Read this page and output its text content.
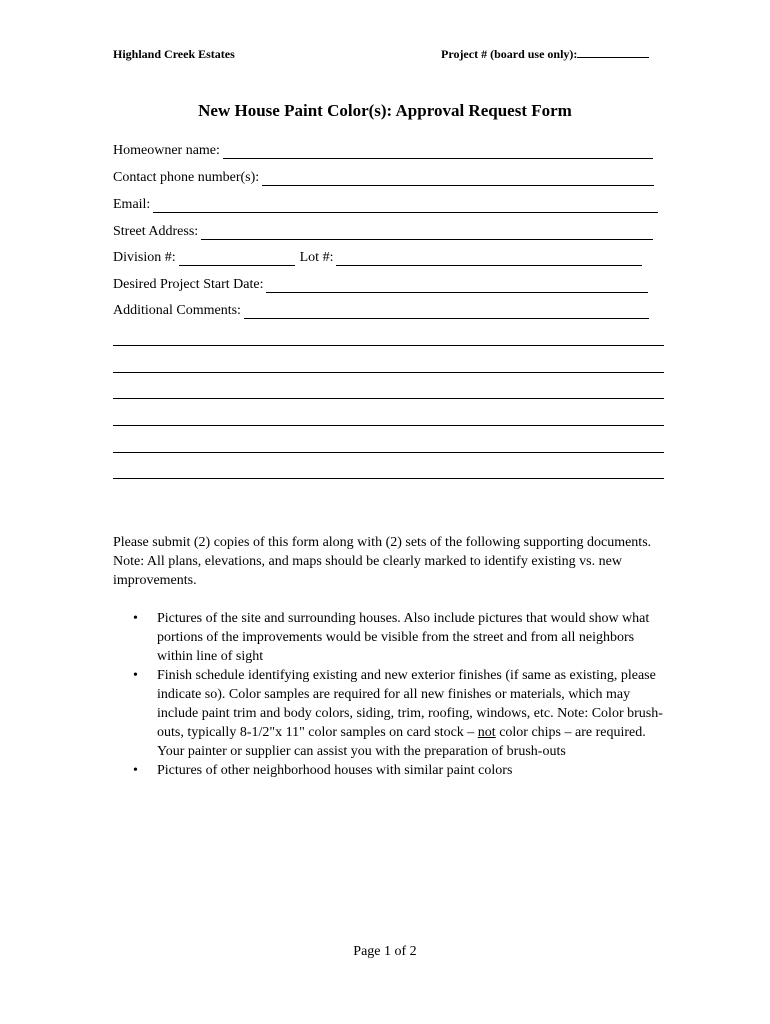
Highland Creek Estates	Project # (board use only):
New House Paint Color(s): Approval Request Form
Homeowner name:
Contact phone number(s):
Email:
Street Address:
Division #:	Lot #:
Desired Project Start Date:
Additional Comments:
Please submit (2) copies of this form along with (2) sets of the following supporting documents. Note: All plans, elevations, and maps should be clearly marked to identify existing vs. new improvements.
• Pictures of the site and surrounding houses. Also include pictures that would show what portions of the improvements would be visible from the street and from all neighbors within line of sight
• Finish schedule identifying existing and new exterior finishes (if same as existing, please indicate so). Color samples are required for all new finishes or materials, which may include paint trim and body colors, siding, trim, roofing, windows, etc. Note: Color brush-outs, typically 8-1/2"x 11" color samples on card stock – not color chips – are required. Your painter or supplier can assist you with the preparation of brush-outs
• Pictures of other neighborhood houses with similar paint colors
Page 1 of 2
